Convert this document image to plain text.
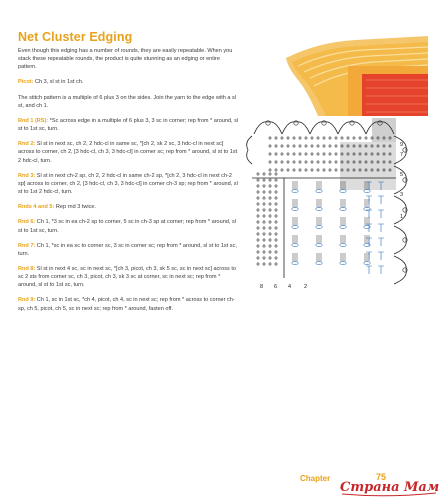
Net Cluster Edging

Even though this edging has a number of rounds, they are easily repeatable. When you stack these repeatable rounds, the product is quite stunning as an edging or entire pattern.

Picot: Ch 3, sl st in 1st ch.

The stitch pattern is a multiple of 6 plus 3 on the sides. Join the yarn to the edge with a sl st, and ch 1.

Rnd 1 (RS): *Sc across edge in a multiple of 6 plus 3, 3 sc in corner; rep from * around, sl st to 1st sc, turn.

Rnd 2: Sl st in next sc, ch 2, 2 hdc-cl in same sc, *[ch 2, sk 2 sc, 3 hdc-cl in next sc] across to corner, ch 2, [3 hdc-cl, ch 3, 3 hdc-cl] in corner sc; rep from * around, sl st to 1st 2 hdc-cl, turn.

Rnd 3: Sl st in next ch-2 sp, ch 2, 2 hdc-cl in same ch-2 sp, *[ch 2, 3 hdc-cl in next ch-2 sp] across to corner, ch 2, [3 hdc-cl, ch 3, 3 hdc-cl] in corner ch-3 sp; rep from * around, sl st to 1st 2 hdc-cl, turn.

Rnds 4 and 5: Rep rnd 3 twice.

Rnd 6: Ch 1, *3 sc in ea ch-2 sp to corner, 5 sc in ch-3 sp at corner; rep from * around, sl st to 1st sc, turn.

Rnd 7: Ch 1, *sc in ea sc to corner sc, 3 sc in corner sc; rep from * around, sl st to 1st sc, turn.

Rnd 8: Sl st in next 4 sc, sc in next sc, *[ch 3, picot, ch 3, sk 5 sc, sc in next sc] across to sc 2 sts from corner sc, ch 3, picot, ch 3, sk 3 sc at corner, sc in next sc; rep from * around, sl st to 1st sc, turn.

Rnd 9: Ch 1, sc in 1st sc, *ch 4, picot, ch 4, sc in next sc; rep from * across to corner ch-sp, ch 5, picot, ch 5, sc in next sc; rep from * around, fasten off.

9
7
5
3
1
8 6 4 2
Chapter	75
Страна Мам
